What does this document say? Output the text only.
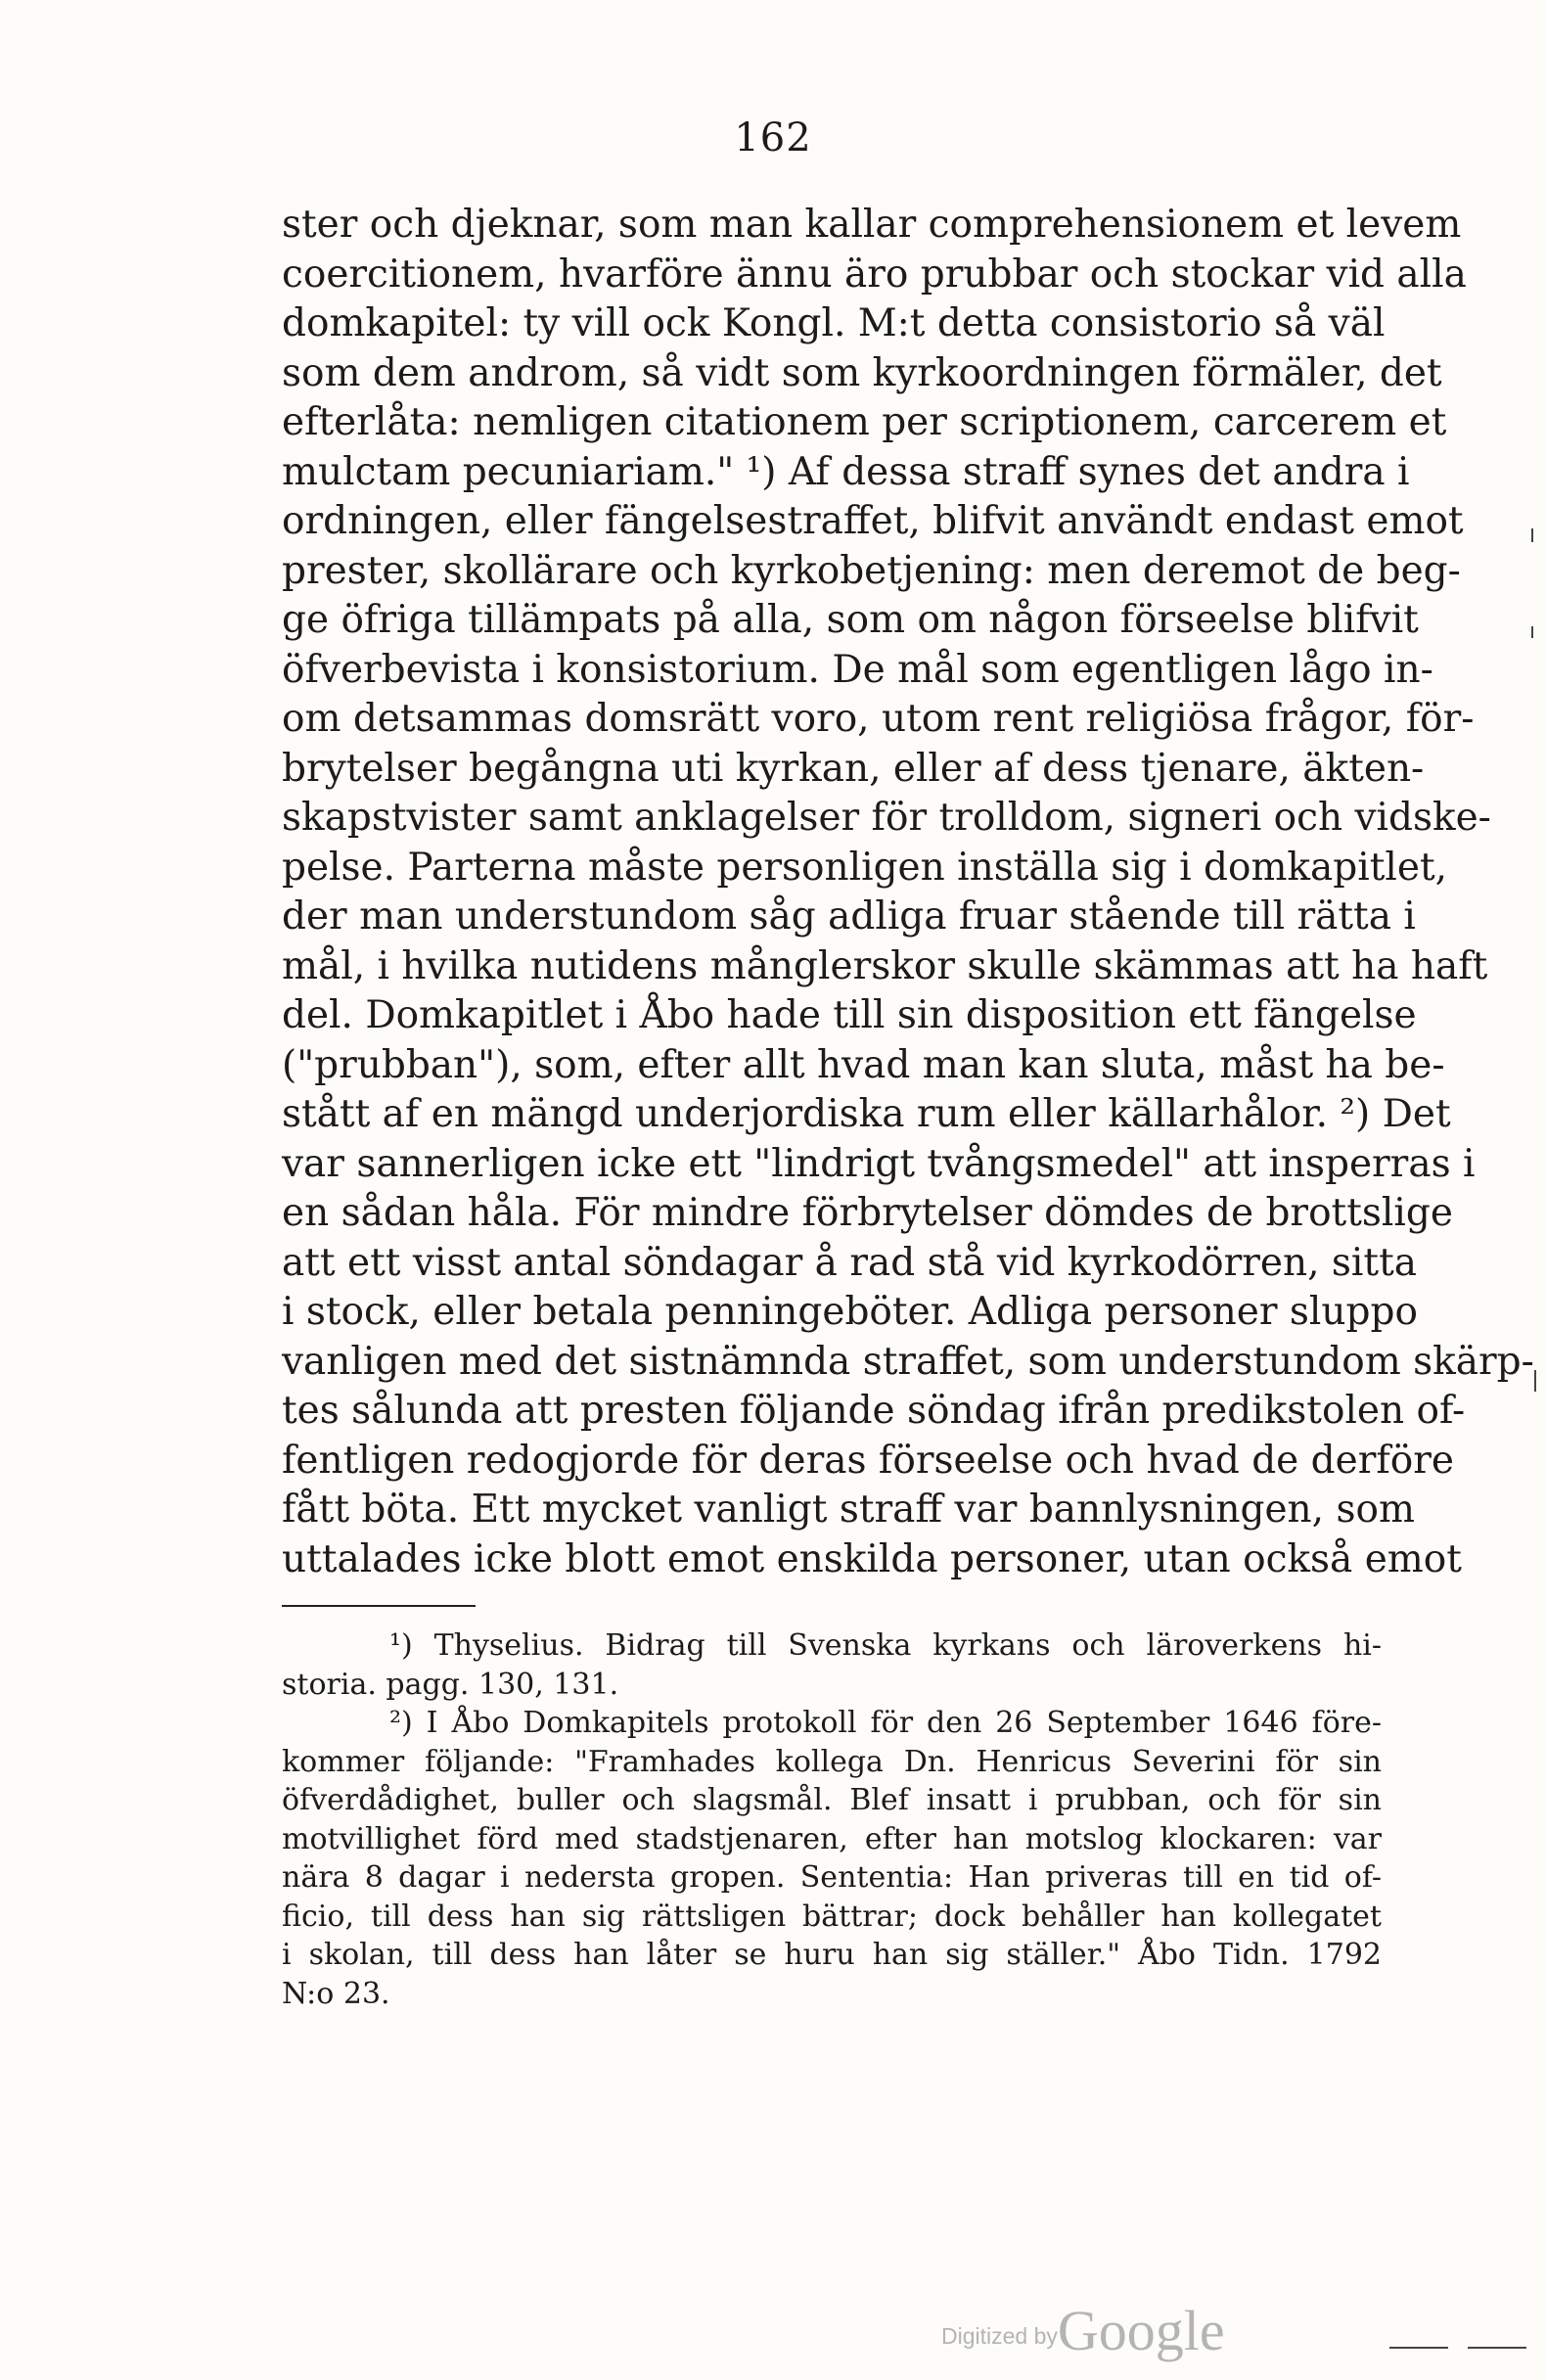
162
ster och djeknar, som man kallar comprehensionem et levem
coercitionem, hvarföre ännu äro prubbar och stockar vid alla
domkapitel: ty vill ock Kongl. M:t detta consistorio så väl
som dem androm, så vidt som kyrkoordningen förmäler, det
efterlåta: nemligen citationem per scriptionem, carcerem et
mulctam pecuniariam." ¹) Af dessa straff synes det andra i
ordningen, eller fängelsestraffet, blifvit användt endast emot
prester, skollärare och kyrkobetjening: men deremot de beg-
ge öfriga tillämpats på alla, som om någon förseelse blifvit
öfverbevista i konsistorium. De mål som egentligen lågo in-
om detsammas domsrätt voro, utom rent religiösa frågor, för-
brytelser begångna uti kyrkan, eller af dess tjenare, äkten-
skapstvister samt anklagelser för trolldom, signeri och vidske-
pelse. Parterna måste personligen inställa sig i domkapitlet,
der man understundom såg adliga fruar stående till rätta i
mål, i hvilka nutidens månglerskor skulle skämmas att ha haft
del. Domkapitlet i Åbo hade till sin disposition ett fängelse
("prubban"), som, efter allt hvad man kan sluta, måst ha be-
stått af en mängd underjordiska rum eller källarhålor. ²) Det
var sannerligen icke ett "lindrigt tvångsmedel" att insperras i
en sådan håla. För mindre förbrytelser dömdes de brottslige
att ett visst antal söndagar å rad stå vid kyrkodörren, sitta
i stock, eller betala penningeböter. Adliga personer sluppo
vanligen med det sistnämnda straffet, som understundom skärp-
tes sålunda att presten följande söndag ifrån predikstolen of-
fentligen redogjorde för deras förseelse och hvad de derföre
fått böta. Ett mycket vanligt straff var bannlysningen, som
uttalades icke blott emot enskilda personer, utan också emot
¹) Thyselius. Bidrag till Svenska kyrkans och läroverkens hi-
storia. pagg. 130, 131.
²) I Åbo Domkapitels protokoll för den 26 September 1646 före-
kommer följande: "Framhades kollega Dn. Henricus Severini för sin
öfverdådighet, buller och slagsmål. Blef insatt i prubban, och för sin
motvillighet förd med stadstjenaren, efter han motslog klockaren: var
nära 8 dagar i nedersta gropen. Sententia: Han priveras till en tid of-
ficio, till dess han sig rättsligen bättrar; dock behåller han kollegatet
i skolan, till dess han låter se huru han sig ställer." Åbo Tidn. 1792
N:o 23.
Digitized byGoogle
